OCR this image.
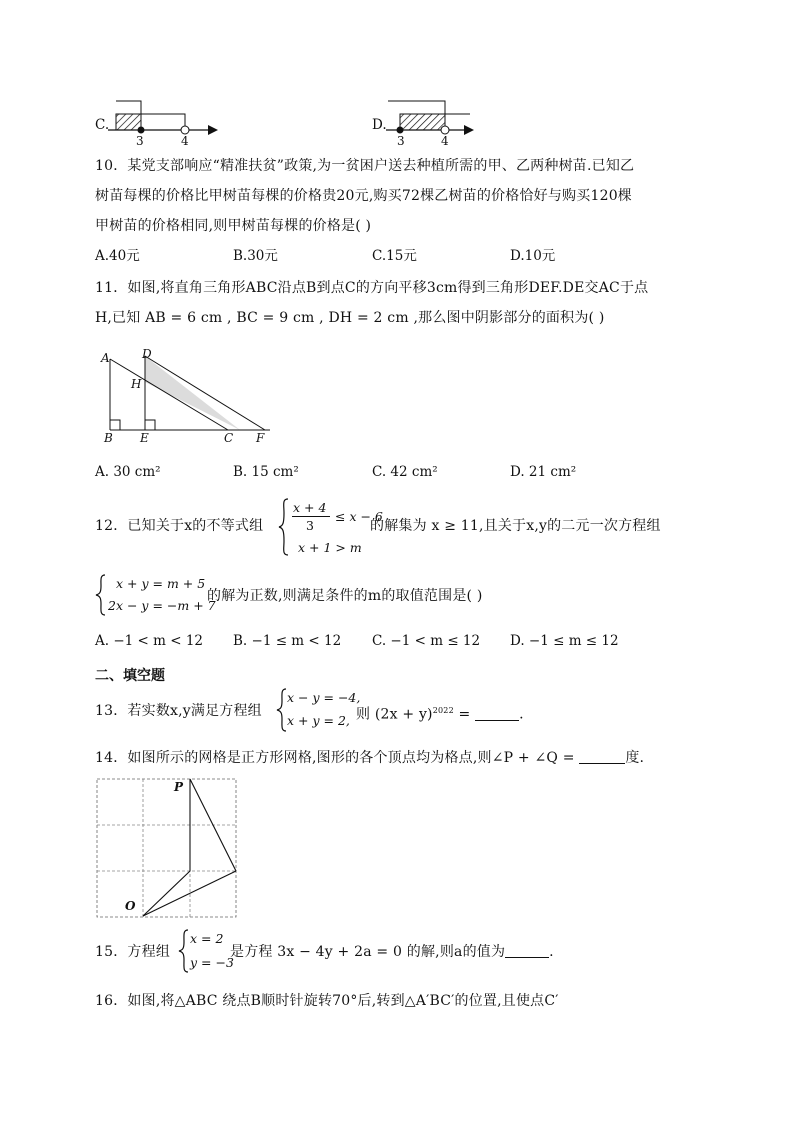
C.
3	4
D.
3	4
10．某党支部响应“精准扶贫”政策,为一贫困户送去种植所需的甲、乙两种树苗.已知乙
树苗每棵的价格比甲树苗每棵的价格贵20元,购买72棵乙树苗的价格恰好与购买120棵
甲树苗的价格相同,则甲树苗每棵的价格是( )
A.40元	B.30元	C.15元	D.10元
11．如图,将直角三角形ABC沿点B到点C的方向平移3cm得到三角形DEF.DE交AC于点
H,已知 AB = 6 cm , BC = 9 cm , DH = 2 cm ,那么图中阴影部分的面积为( )
A	D
H
B E	C F
A. 30 cm²	B. 15 cm²	C. 42 cm²	D. 21 cm²
12．已知关于x的不等式组
x + 4
3
≤ x − 6
x + 1 > m
的解集为 x ≥ 11,且关于x,y的二元一次方程组
x + y = m + 5
2x − y = −m + 7
的解为正数,则满足条件的m的取值范围是( )
A. −1 < m < 12 B. −1 ≤ m < 12 C. −1 < m ≤ 12 D. −1 ≤ m ≤ 12
二、填空题
13．若实数x,y满足方程组
x − y = −4,
x + y = 2, 则 $(2x + y)^{2022}$ =	.
14．如图所示的网格是正方形网格,图形的各个顶点均为格点,则∠P + ∠Q =	度.
P
O
15．方程组
x = 2
y = −3
是方程 3x − 4y + 2a = 0 的解,则a的值为	.
16．如图,将△ABC 绕点B顺时针旋转70°后,转到△A′BC′的位置,且使点C′
